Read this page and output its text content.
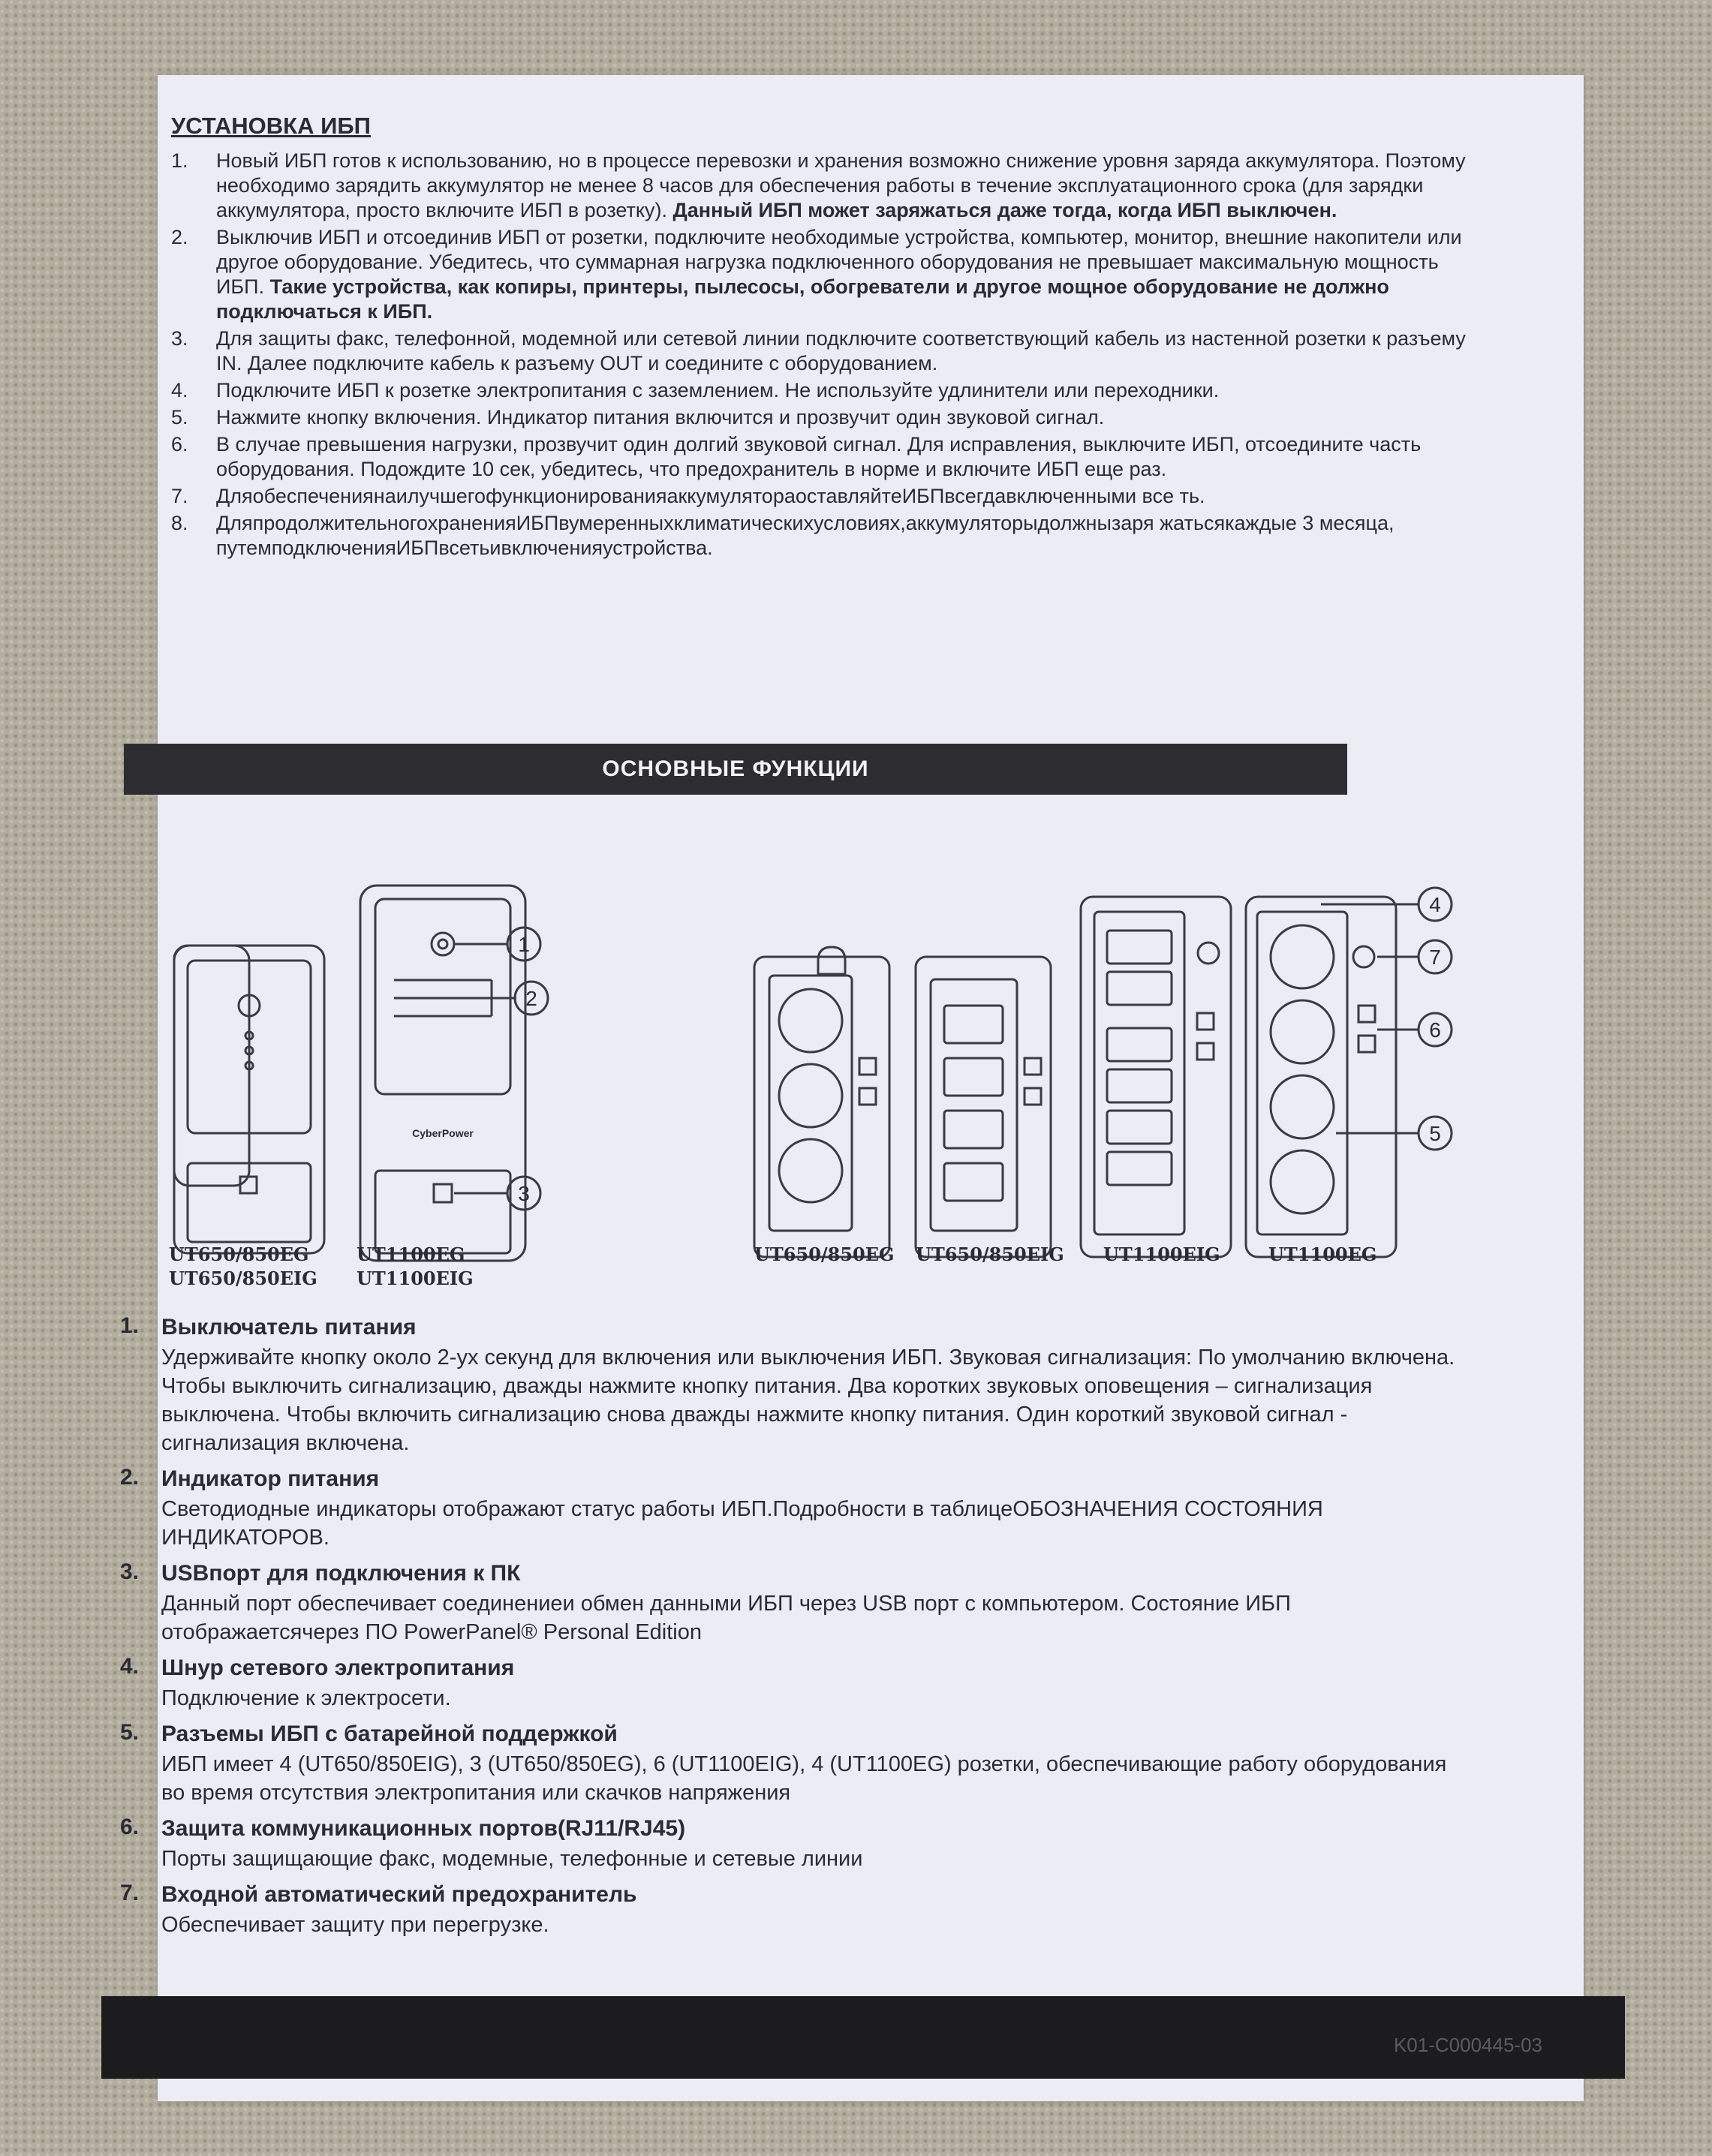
УСТАНОВКА ИБП
1. Новый ИБП готов к использованию, но в процессе перевозки и хранения возможно снижение уровня заряда аккумулятора. Поэтому необходимо зарядить аккумулятор не менее 8 часов для обеспечения работы в течение эксплуатационного срока (для зарядки аккумулятора, просто включите ИБП в розетку). Данный ИБП может заряжаться даже тогда, когда ИБП выключен.
2. Выключив ИБП и отсоединив ИБП от розетки, подключите необходимые устройства, компьютер, монитор, внешние накопители или другое оборудование. Убедитесь, что суммарная нагрузка подключенного оборудования не превышает максимальную мощность ИБП. Такие устройства, как копиры, принтеры, пылесосы, обогреватели и другое мощное оборудование не должно подключаться к ИБП.
3. Для защиты факс, телефонной, модемной или сетевой линии подключите соответствующий кабель из настенной розетки к разъему IN. Далее подключите кабель к разъему OUT и соедините с оборудованием.
4. Подключите ИБП к розетке электропитания с заземлением. Не используйте удлинители или переходники.
5. Нажмите кнопку включения. Индикатор питания включится и прозвучит один звуковой сигнал.
6. В случае превышения нагрузки, прозвучит один долгий звуковой сигнал. Для исправления, выключите ИБП, отсоедините часть оборудования. Подождите 10 сек, убедитесь, что предохранитель в норме и включите ИБП еще раз.
7. ДляобеспечениянаилучшегофункционированияаккумулятораоставляйтеИБПвсегдавключенными все ть.
8. ДляпродолжительногохраненияИБПвумеренныхклиматическихусловиях,аккумуляторыдолжнызаря жатьсякаждые 3 месяца, путемподключенияИБПвсетьивключенияустройства.
ОСНОВНЫЕ ФУНКЦИИ
1
2
3
4
5
6
7
CyberPower
UT650/850EG
UT650/850EIG
UT1100EG
UT1100EIG
UT650/850EG UT650/850EIG UT1100EIG	UT1100EG
1. Выключатель питания
Удерживайте кнопку около 2-ух секунд для включения или выключения ИБП. Звуковая сигнализация: По умолчанию включена. Чтобы выключить сигнализацию, дважды нажмите кнопку питания. Два коротких звуковых оповещения – сигнализация выключена. Чтобы включить сигнализацию снова дважды нажмите кнопку питания. Один короткий звуковой сигнал - сигнализация включена.
2. Индикатор питания
Светодиодные индикаторы отображают статус работы ИБП.Подробности в таблицеОБОЗНАЧЕНИЯ СОСТОЯНИЯ ИНДИКАТОРОВ.
3. USBпорт для подключения к ПК
Данный порт обеспечивает соединениеи обмен данными ИБП через USB порт с компьютером. Состояние ИБП отображаетсячерез ПО PowerPanel® Personal Edition
4. Шнур сетевого электропитания
Подключение к электросети.
5. Разъемы ИБП с батарейной поддержкой
ИБП имеет 4 (UT650/850EIG), 3 (UT650/850EG), 6 (UT1100EIG), 4 (UT1100EG) розетки, обеспечивающие работу оборудования во время отсутствия электропитания или скачков напряжения
6. Защита коммуникационных портов(RJ11/RJ45)
Порты защищающие факс, модемные, телефонные и сетевые линии
7. Входной автоматический предохранитель
Обеспечивает защиту при перегрузке.
K01-C000445-03
